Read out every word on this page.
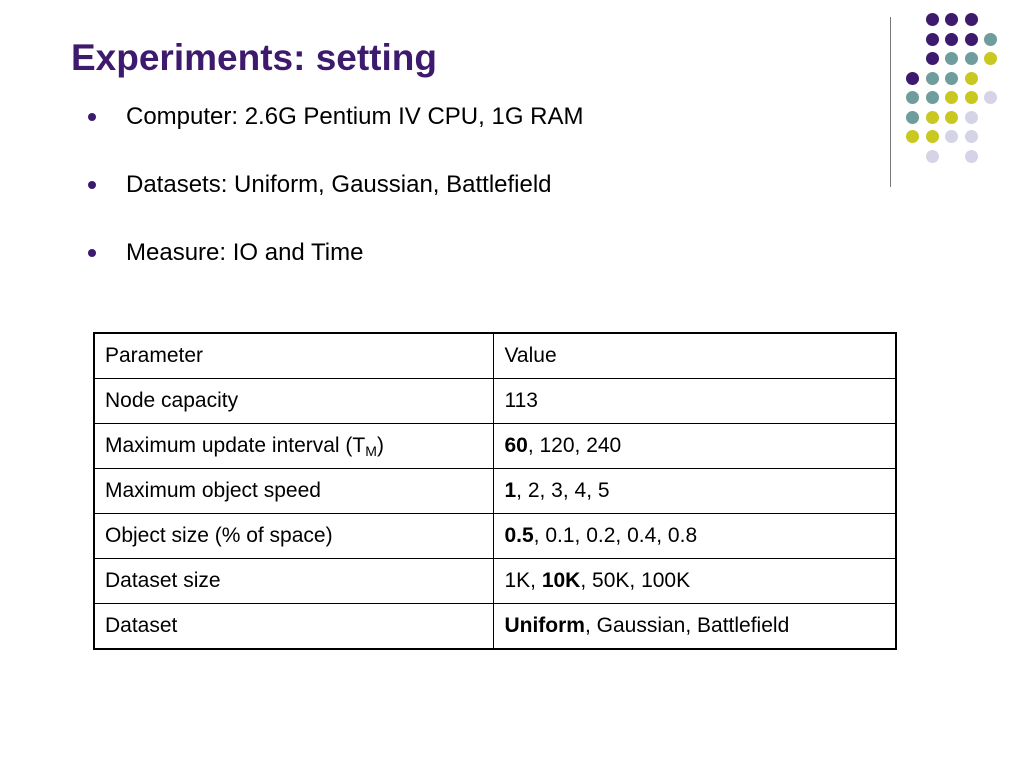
Experiments: setting
Computer: 2.6G Pentium IV CPU, 1G RAM
Datasets: Uniform, Gaussian, Battlefield
Measure: IO and Time
Parameter	Value
Node capacity	113
Maximum update interval $(T_M)$	60, 120, 240
Maximum object speed	1, 2, 3, 4, 5
Object size (% of space)	0.5, 0.1, 0.2, 0.4, 0.8
Dataset size	1K, 10K, 50K, 100K
Dataset	Uniform, Gaussian, Battlefield
